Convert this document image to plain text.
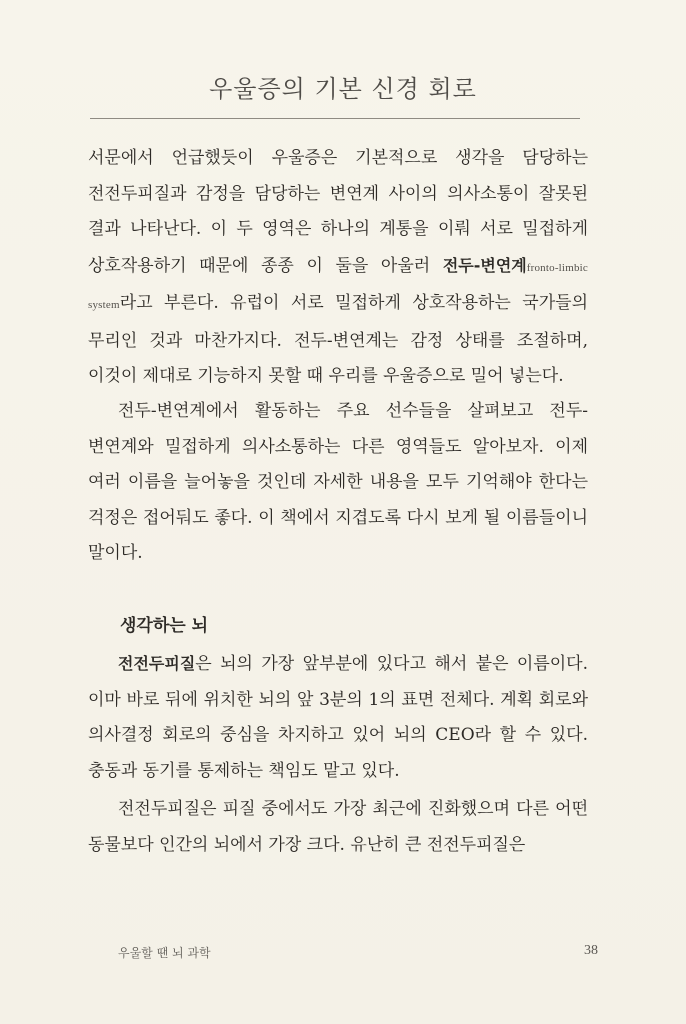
우울증의 기본 신경 회로

서문에서 언급했듯이 우울증은 기본적으로 생각을 담당하는 전전두피질과 감정을 담당하는 변연계 사이의 의사소통이 잘못된 결과 나타난다. 이 두 영역은 하나의 계통을 이뤄 서로 밀접하게 상호작용하기 때문에 종종 이 둘을 아울러 전두-변연계fronto-limbic system라고 부른다. 유럽이 서로 밀접하게 상호작용하는 국가들의 무리인 것과 마찬가지다. 전두-변연계는 감정 상태를 조절하며, 이것이 제대로 기능하지 못할 때 우리를 우울증으로 밀어 넣는다.

전두-변연계에서 활동하는 주요 선수들을 살펴보고 전두-변연계와 밀접하게 의사소통하는 다른 영역들도 알아보자. 이제 여러 이름을 늘어놓을 것인데 자세한 내용을 모두 기억해야 한다는 걱정은 접어둬도 좋다. 이 책에서 지겹도록 다시 보게 될 이름들이니 말이다.

생각하는 뇌

전전두피질은 뇌의 가장 앞부분에 있다고 해서 붙은 이름이다. 이마 바로 뒤에 위치한 뇌의 앞 3분의 1의 표면 전체다. 계획 회로와 의사결정 회로의 중심을 차지하고 있어 뇌의 CEO라 할 수 있다. 충동과 동기를 통제하는 책임도 맡고 있다.

전전두피질은 피질 중에서도 가장 최근에 진화했으며 다른 어떤 동물보다 인간의 뇌에서 가장 크다. 유난히 큰 전전두피질은

우울할 땐 뇌 과학	38
